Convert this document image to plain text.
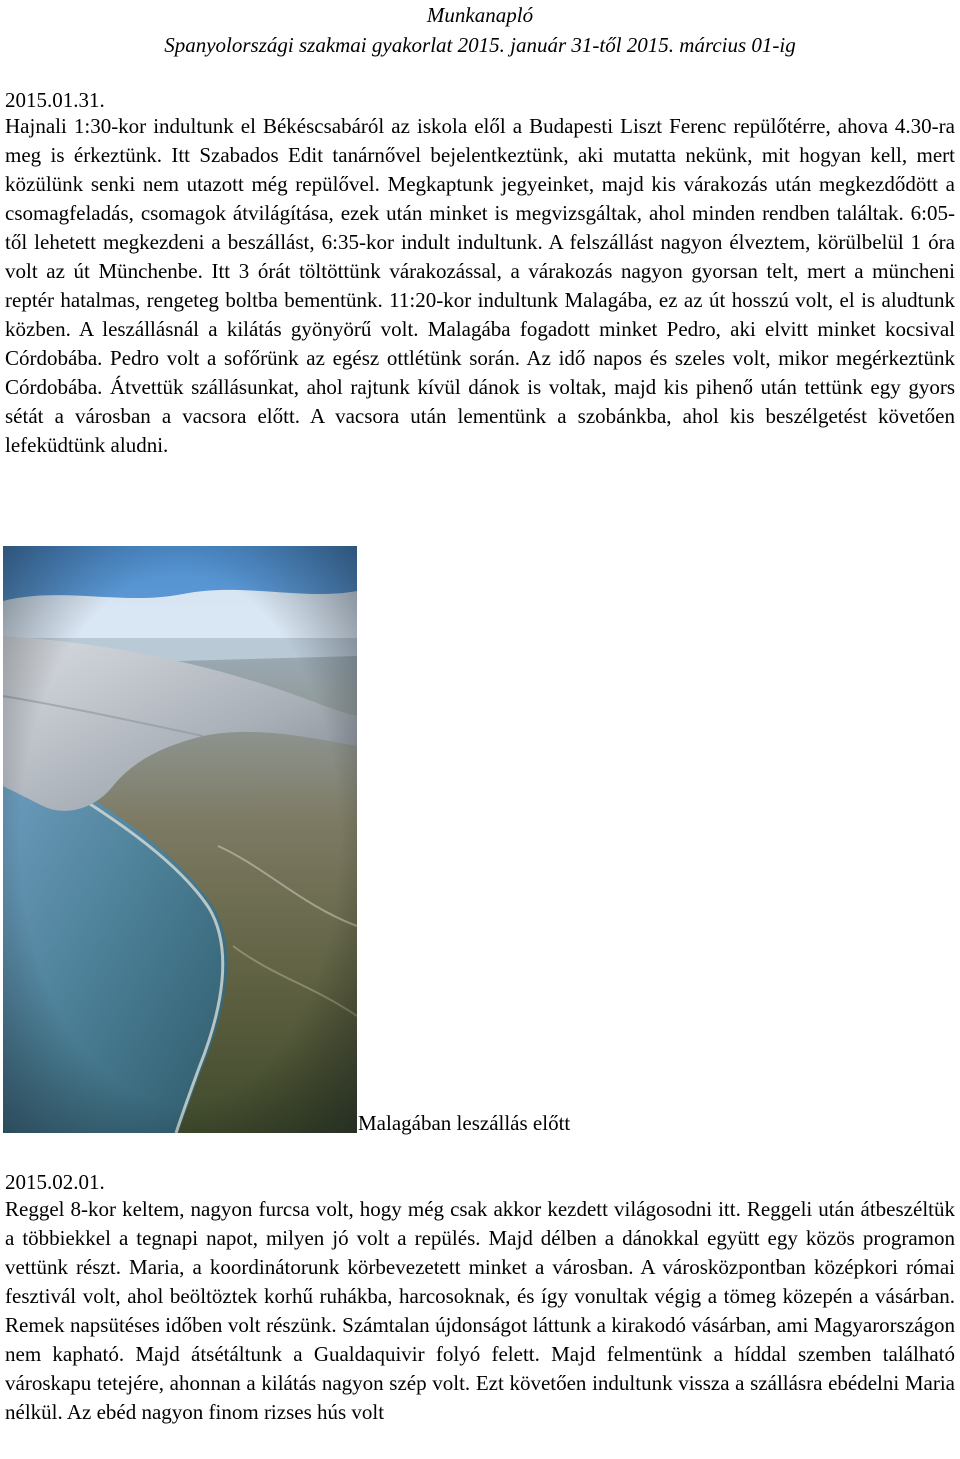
Munkanapló
Spanyolországi szakmai gyakorlat 2015. január 31-től 2015. március 01-ig
2015.01.31.
Hajnali 1:30-kor indultunk el Békéscsabáról az iskola elől a Budapesti Liszt Ferenc repülőtérre, ahova 4.30-ra meg is érkeztünk. Itt Szabados Edit tanárnővel bejelentkeztünk, aki mutatta nekünk, mit hogyan kell, mert közülünk senki nem utazott még repülővel. Megkaptunk jegyeinket, majd kis várakozás után megkezdődött a csomagfeladás, csomagok átvilágítása, ezek után minket is megvizsgáltak, ahol minden rendben találtak. 6:05-től lehetett megkezdeni a beszállást, 6:35-kor indult indultunk. A felszállást nagyon élveztem, körülbelül 1 óra volt az út Münchenbe. Itt 3 órát töltöttünk várakozással, a várakozás nagyon gyorsan telt, mert a müncheni reptér hatalmas, rengeteg boltba bementünk. 11:20-kor indultunk Malagába, ez az út hosszú volt, el is aludtunk közben. A leszállásnál a kilátás gyönyörű volt. Malagába fogadott minket Pedro, aki elvitt minket kocsival Córdobába. Pedro volt a sofőrünk az egész ottlétünk során. Az idő napos és szeles volt, mikor megérkeztünk Córdobába. Átvettük szállásunkat, ahol rajtunk kívül dánok is voltak, majd kis pihenő után tettünk egy gyors sétát a városban a vacsora előtt. A vacsora után lementünk a szobánkba, ahol kis beszélgetést követően lefeküdtünk aludni.
Malagában leszállás előtt
2015.02.01.
Reggel 8-kor keltem, nagyon furcsa volt, hogy még csak akkor kezdett világosodni itt. Reggeli után átbeszéltük a többiekkel a tegnapi napot, milyen jó volt a repülés. Majd délben a dánokkal együtt egy közös programon vettünk részt. Maria, a koordinátorunk körbevezetett minket a városban. A városközpontban középkori római fesztivál volt, ahol beöltöztek korhű ruhákba, harcosoknak, és így vonultak végig a tömeg közepén a vásárban. Remek napsütéses időben volt részünk. Számtalan újdonságot láttunk a kirakodó vásárban, ami Magyarországon nem kapható. Majd átsétáltunk a Gualdaquivir folyó felett. Majd felmentünk a híddal szemben található városkapu tetejére, ahonnan a kilátás nagyon szép volt. Ezt követően indultunk vissza a szállásra ebédelni Maria nélkül. Az ebéd nagyon finom rizses hús volt
